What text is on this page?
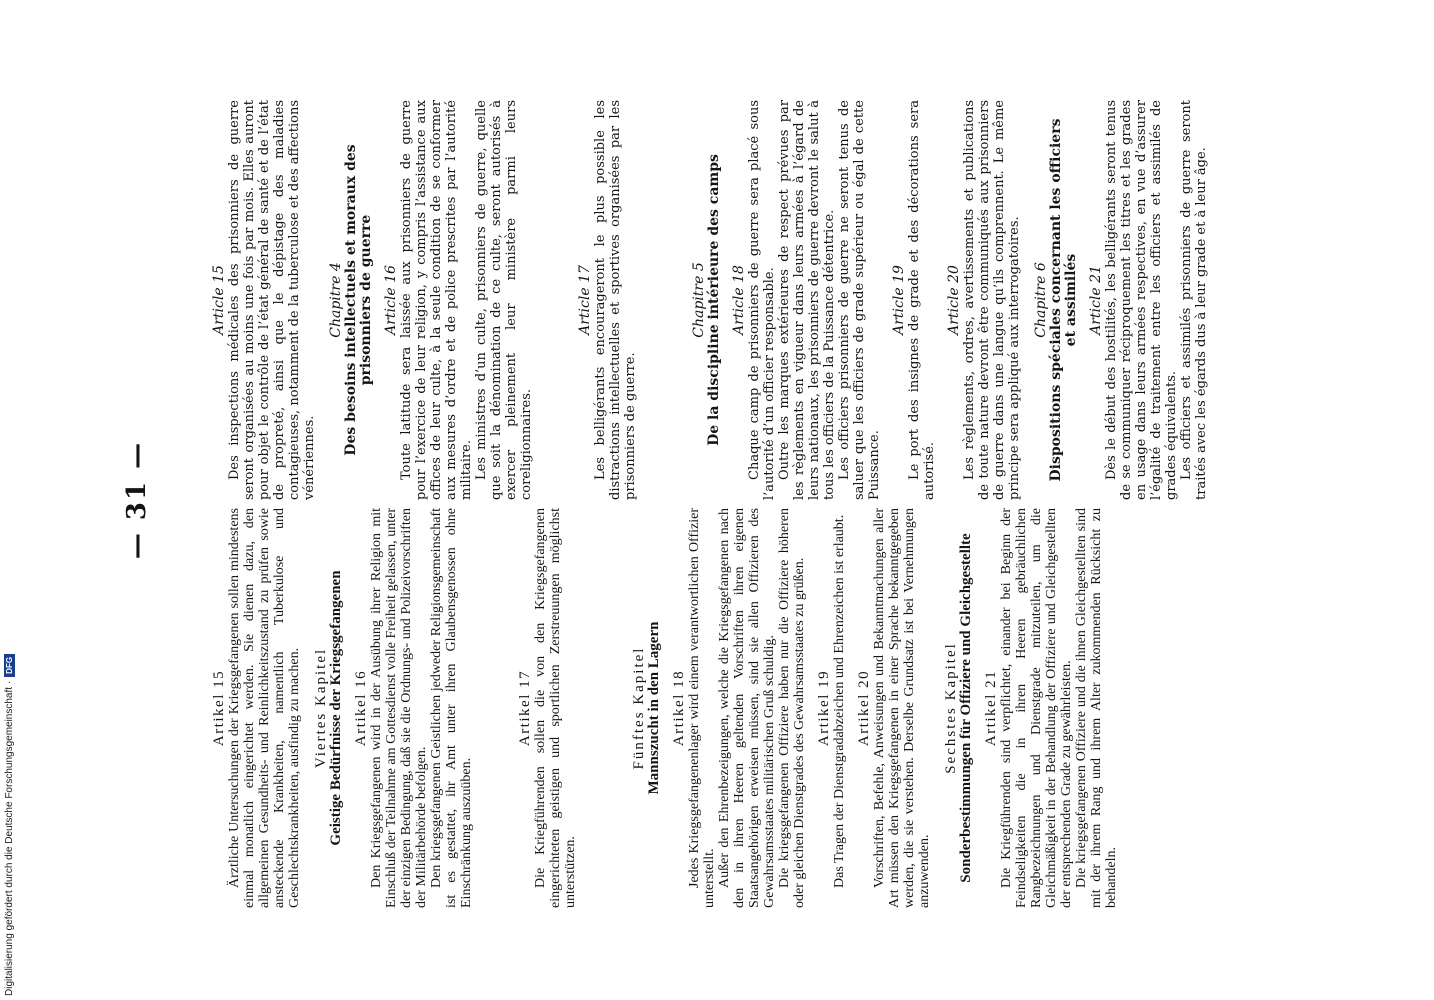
— 31 —
Article 15 Des inspections médicales des prisonniers de guerre seront organisées au moins une fois par mois. Elles auront pour objet le contrôle de l’état général de santé et de l’état de propreté, ainsi que le dépistage des maladies contagieuses, notamment de la tuberculose et des affections vénériennes.

Chapitre 4 Des besoins intellectuels et moraux des prisonniers de guerre Article 16 Toute latitude sera laissée aux prisonniers de guerre pour l’exercice de leur religion, y compris l’assistance aux offices de leur culte, à la seule condition de se conformer aux mesures d’ordre et de police prescrites par l’autorité militaire. Les ministres d’un culte, prisonniers de guerre, quelle que soit la dénomination de ce culte, seront autorisés à exercer pleinement leur ministère parmi leurs coreligionnaires.

Article 17 Les belligérants encourageront le plus possible les distractions intellectuelles et sportives organisées par les prisonniers de guerre.

Chapitre 5 De la discipline intérieure des camps Article 18 Chaque camp de prisonniers de guerre sera placé sous l’autorité d’un officier responsable. Outre les marques extérieures de respect prévues par les règlements en vigueur dans leurs armées à l’égard de leurs nationaux, les prisonniers de guerre devront le salut à tous les officiers de la Puissance détentrice. Les officiers prisonniers de guerre ne seront tenus de saluer que les officiers de grade supérieur ou égal de cette Puissance.

Article 19 Le port des insignes de grade et des décorations sera autorisé.

Article 20 Les règlements, ordres, avertissements et publications de toute nature devront être communiqués aux prisonniers de guerre dans une langue qu’ils comprennent. Le même principe sera appliqué aux interrogatoires. Chapitre 6 Dispositions spéciales concernant les officiers et assimilés Article 21 Dès le début des hostilités, les belligérants seront tenus de se communiquer réciproquement les titres et les grades en usage dans leurs armées respectives, en vue d’assurer l’égalité de traitement entre les officiers et assimilés de grades équivalents. Les officiers et assimilés prisonniers de guerre seront traités avec les égards dus à leur grade et à leur âge.

Artikel 15 Ärztliche Untersuchungen der Kriegsgefangenen sollen mindestens einmal monatlich eingerichtet werden. Sie dienen dazu, den allgemeinen Gesundheits- und Reinlichkeitszustand zu prüfen sowie ansteckende Krankheiten, namentlich Tuberkulose und Geschlechtskrankheiten, ausfindig zu machen. Viertes Kapitel Geistige Bedürfnisse der Kriegsgefangenen Artikel 16 Den Kriegsgefangenen wird in der Ausübung ihrer Religion mit Einschluß der Teilnahme am Gottesdienst volle Freiheit gelassen, unter der einzigen Bedingung, daß sie die Ordnungs- und Polizeivorschriften der Militärbehörde befolgen. Den kriegsgefangenen Geistlichen jedweder Religionsgemeinschaft ist es gestattet, ihr Amt unter ihren Glaubensgenossen ohne Einschränkung auszuüben.

Artikel 17 Die Kriegführenden sollen die von den Kriegsgefangenen eingerichteten geistigen und sportlichen Zerstreuungen möglichst unterstützen.

Fünftes Kapitel Mannszucht in den Lagern Artikel 18 Jedes Kriegsgefangenenlager wird einem verantwortlichen Offizier unterstellt. Außer den Ehrenbezeigungen, welche die Kriegsgefangenen nach den in ihren Heeren geltenden Vorschriften ihren eigenen Staatsangehörigen erweisen müssen, sind sie allen Offizieren des Gewahrsamsstaates militärischen Gruß schuldig. Die kriegsgefangenen Offiziere haben nur die Offiziere höheren oder gleichen Dienstgrades des Gewahrsamsstaates zu grüßen. Artikel 19 Das Tragen der Dienstgradabzeichen und Ehrenzeichen ist erlaubt. Artikel 20 Vorschriften, Befehle, Anweisungen und Bekanntmachungen aller Art müssen den Kriegsgefangenen in einer Sprache bekanntgegeben werden, die sie verstehen. Derselbe Grundsatz ist bei Vernehmungen anzuwenden.

Sechstes Kapitel Sonderbestimmungen für Offiziere und Gleichgestellte Artikel 21 Die Kriegführenden sind verpflichtet, einander bei Beginn der Feindseligkeiten die in ihren Heeren gebräuchlichen Rangbezeichnungen und Dienstgrade mitzuteilen, um die Gleichmäßigkeit in der Behandlung der Offiziere und Gleichgestellten der entsprechenden Grade zu gewährleisten. Die kriegsgefangenen Offiziere und die ihnen Gleichgestellten sind mit der ihrem Rang und ihrem Alter zukommenden Rücksicht zu behandeln.

Digitalisierung gefördert durch die Deutsche Forschungsgemeinschaft ·DFG
